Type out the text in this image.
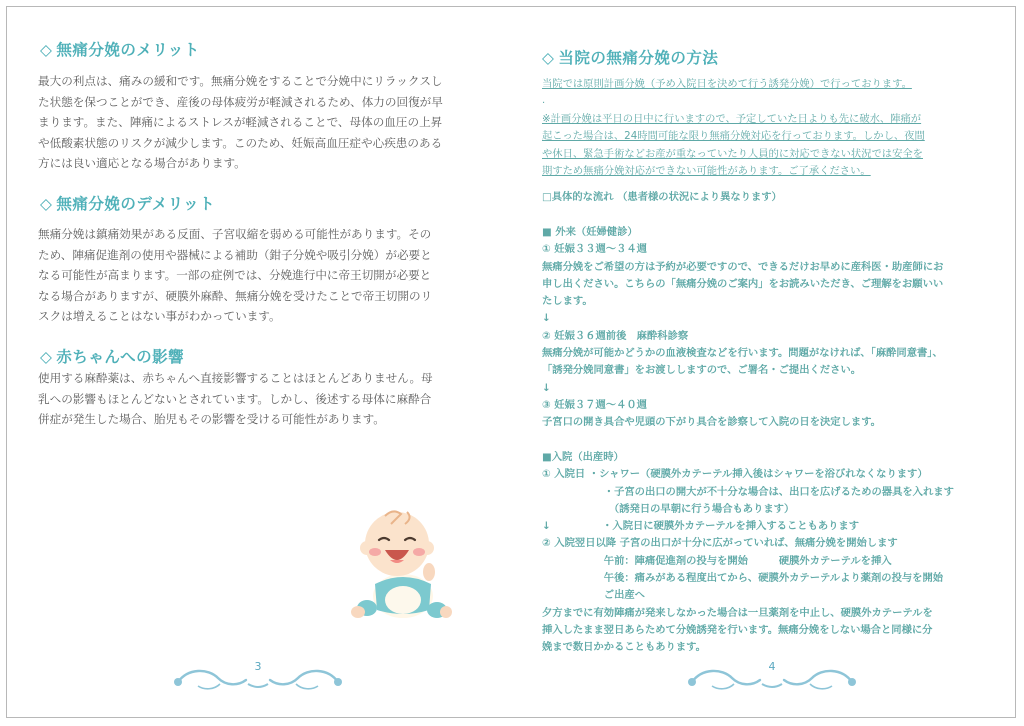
◇ 無痛分娩のメリット
最大の利点は、痛みの緩和です。無痛分娩をすることで分娩中にリラックスし
た状態を保つことができ、産後の母体疲労が軽減されるため、体力の回復が早
まります。また、陣痛によるストレスが軽減されることで、母体の血圧の上昇
や低酸素状態のリスクが減少します。このため、妊娠高血圧症や心疾患のある
方には良い適応となる場合があります。
◇ 無痛分娩のデメリット
無痛分娩は鎮痛効果がある反面、子宮収縮を弱める可能性があります。その
ため、陣痛促進剤の使用や器械による補助（鉗子分娩や吸引分娩）が必要と
なる可能性が高まります。一部の症例では、分娩進行中に帝王切開が必要と
なる場合がありますが、硬膜外麻酔、無痛分娩を受けたことで帝王切開のリ
スクは増えることはない事がわかっています。
◇ 赤ちゃんへの影響
使用する麻酔薬は、赤ちゃんへ直接影響することはほとんどありません。母
乳への影響もほとんどないとされています。しかし、後述する母体に麻酔合
併症が発生した場合、胎児もその影響を受ける可能性があります。
3
◇ 当院の無痛分娩の方法
当院では原則計画分娩（予め入院日を決めて行う誘発分娩）で行っております。
.
※計画分娩は平日の日中に行いますので、予定していた日よりも先に破水、陣痛が
起こった場合は、24時間可能な限り無痛分娩対応を行っております。しかし、夜間
や休日、緊急手術などお産が重なっていたり人員的に対応できない状況では安全を
期すため無痛分娩対応ができない可能性があります。ご了承ください。
□具体的な流れ （患者様の状況により異なります）
■ 外来（妊婦健診）
① 妊娠３３週～３４週
無痛分娩をご希望の方は予約が必要ですので、できるだけお早めに産科医・助産師にお
申し出ください。こちらの「無痛分娩のご案内」をお読みいただき、ご理解をお願いい
たします。
↓
② 妊娠３６週前後　麻酔科診察
無痛分娩が可能かどうかの血液検査などを行います。問題がなければ、「麻酔同意書」、
「誘発分娩同意書」をお渡ししますので、ご署名・ご提出ください。
↓
③ 妊娠３７週～４０週
子宮口の開き具合や児頭の下がり具合を診察して入院の日を決定します。
■入院（出産時）
① 入院日 ・シャワー（硬膜外カテーテル挿入後はシャワーを浴びれなくなります）
　　　　　　・子宮の出口の開大が不十分な場合は、出口を広げるための器具を入れます
　　　　　　　（誘発日の早朝に行う場合もあります）
↓　　　　　・入院日に硬膜外カテーテルを挿入することもあります
② 入院翌日以降 子宮の出口が十分に広がっていれば、無痛分娩を開始します
　　　　　　午前：陣痛促進剤の投与を開始　　　硬膜外カテーテルを挿入
　　　　　　午後：痛みがある程度出てから、硬膜外カテーテルより薬剤の投与を開始
　　　　　　ご出産へ
夕方までに有効陣痛が発来しなかった場合は一旦薬剤を中止し、硬膜外カテーテルを
挿入したまま翌日あらためて分娩誘発を行います。無痛分娩をしない場合と同様に分
娩まで数日かかることもあります。
4
